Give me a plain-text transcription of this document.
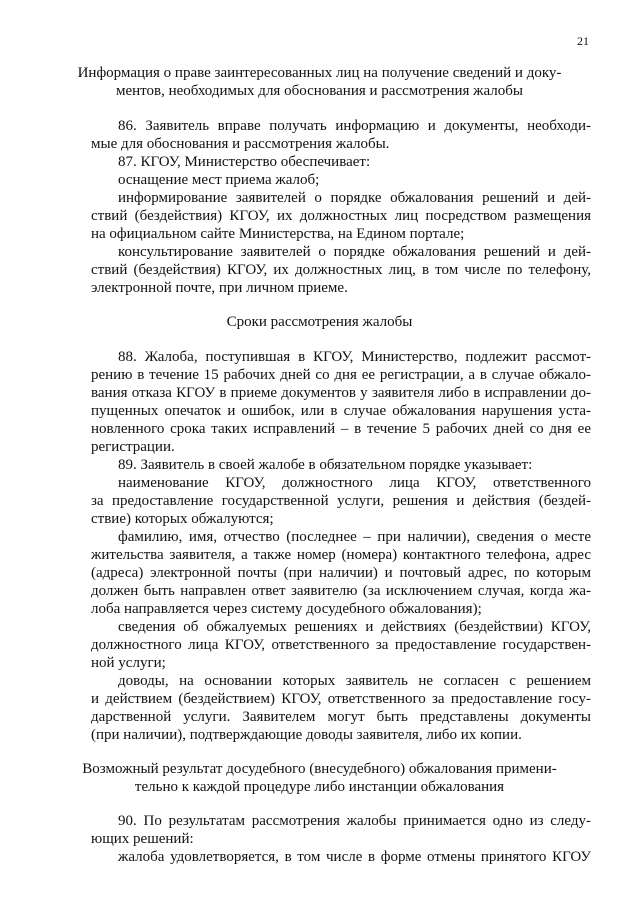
21
Информация о праве заинтересованных лиц на получение сведений и доку-
ментов, необходимых для обоснования и рассмотрения жалобы
86. Заявитель вправе получать информацию и документы, необходи-
мые для обоснования и рассмотрения жалобы.
87. КГОУ, Министерство обеспечивает:
оснащение мест приема жалоб;
информирование заявителей о порядке обжалования решений и дей-
ствий (бездействия) КГОУ, их должностных лиц посредством размещения
на официальном сайте Министерства, на Едином портале;
консультирование заявителей о порядке обжалования решений и дей-
ствий (бездействия) КГОУ, их должностных лиц, в том числе по телефону,
электронной почте, при личном приеме.
Сроки рассмотрения жалобы
88. Жалоба, поступившая в КГОУ, Министерство, подлежит рассмот-
рению в течение 15 рабочих дней со дня ее регистрации, а в случае обжало-
вания отказа КГОУ в приеме документов у заявителя либо в исправлении до-
пущенных опечаток и ошибок, или в случае обжалования нарушения уста-
новленного срока таких исправлений – в течение 5 рабочих дней со дня ее
регистрации.
89. Заявитель в своей жалобе в обязательном порядке указывает:
наименование КГОУ, должностного лица КГОУ, ответственного
за предоставление государственной услуги, решения и действия (бездей-
ствие) которых обжалуются;
фамилию, имя, отчество (последнее – при наличии), сведения о месте
жительства заявителя, а также номер (номера) контактного телефона, адрес
(адреса) электронной почты (при наличии) и почтовый адрес, по которым
должен быть направлен ответ заявителю (за исключением случая, когда жа-
лоба направляется через систему досудебного обжалования);
сведения об обжалуемых решениях и действиях (бездействии) КГОУ,
должностного лица КГОУ, ответственного за предоставление государствен-
ной услуги;
доводы, на основании которых заявитель не согласен с решением
и действием (бездействием) КГОУ, ответственного за предоставление госу-
дарственной услуги. Заявителем могут быть представлены документы
(при наличии), подтверждающие доводы заявителя, либо их копии.
Возможный результат досудебного (внесудебного) обжалования примени-
тельно к каждой процедуре либо инстанции обжалования
90. По результатам рассмотрения жалобы принимается одно из следу-
ющих решений:
жалоба удовлетворяется, в том числе в форме отмены принятого КГОУ
